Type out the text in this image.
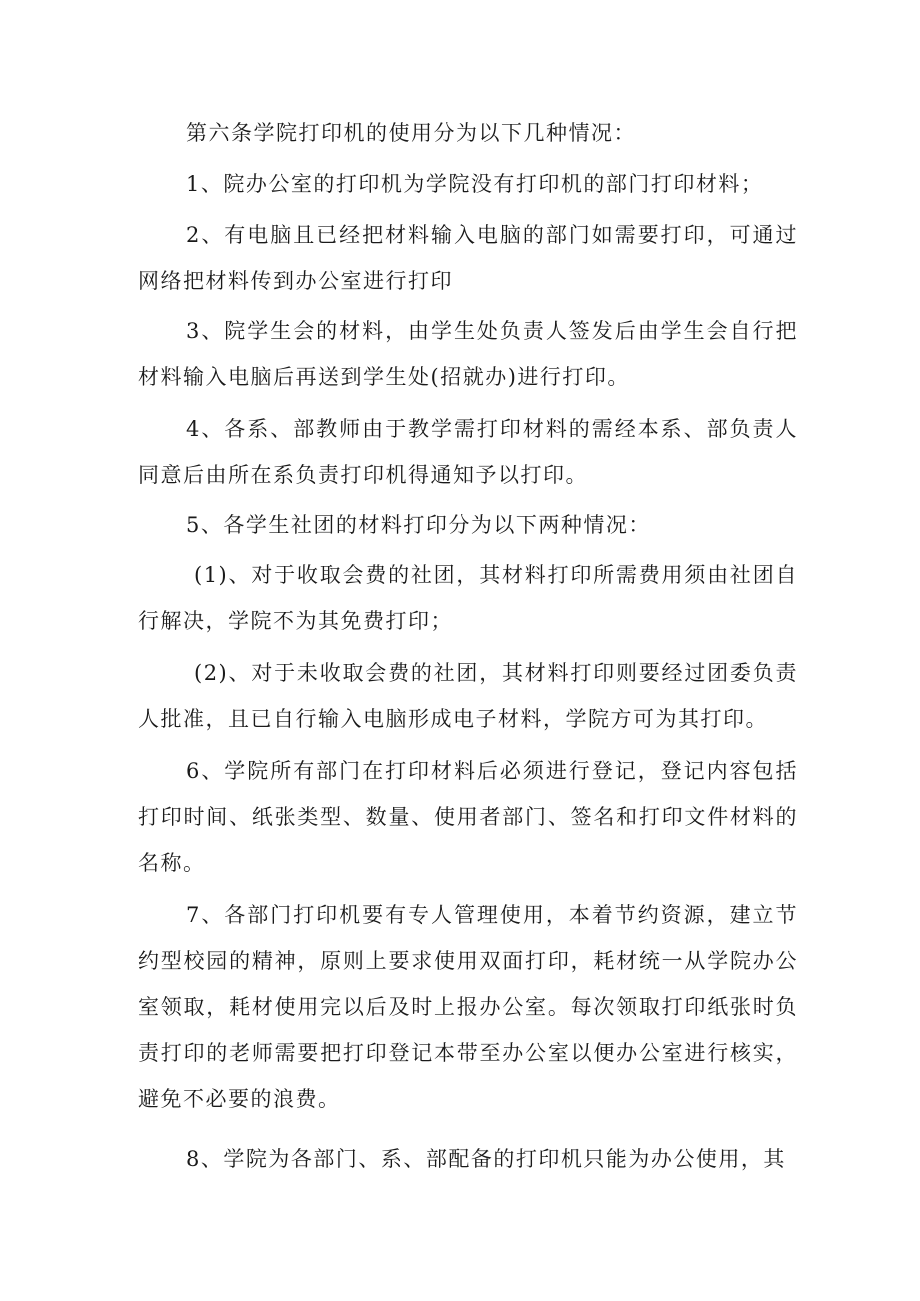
第六条学院打印机的使用分为以下几种情况：

1、院办公室的打印机为学院没有打印机的部门打印材料；

2、有电脑且已经把材料输入电脑的部门如需要打印，可通过网络把材料传到办公室进行打印

3、院学生会的材料，由学生处负责人签发后由学生会自行把材料输入电脑后再送到学生处(招就办)进行打印。

4、各系、部教师由于教学需打印材料的需经本系、部负责人同意后由所在系负责打印机得通知予以打印。

5、各学生社团的材料打印分为以下两种情况：

(1)、对于收取会费的社团，其材料打印所需费用须由社团自行解决，学院不为其免费打印；

(2)、对于未收取会费的社团，其材料打印则要经过团委负责人批准，且已自行输入电脑形成电子材料，学院方可为其打印。

6、学院所有部门在打印材料后必须进行登记，登记内容包括打印时间、纸张类型、数量、使用者部门、签名和打印文件材料的名称。

7、各部门打印机要有专人管理使用，本着节约资源，建立节约型校园的精神，原则上要求使用双面打印，耗材统一从学院办公室领取，耗材使用完以后及时上报办公室。每次领取打印纸张时负责打印的老师需要把打印登记本带至办公室以便办公室进行核实，避免不必要的浪费。

8、学院为各部门、系、部配备的打印机只能为办公使用，其
